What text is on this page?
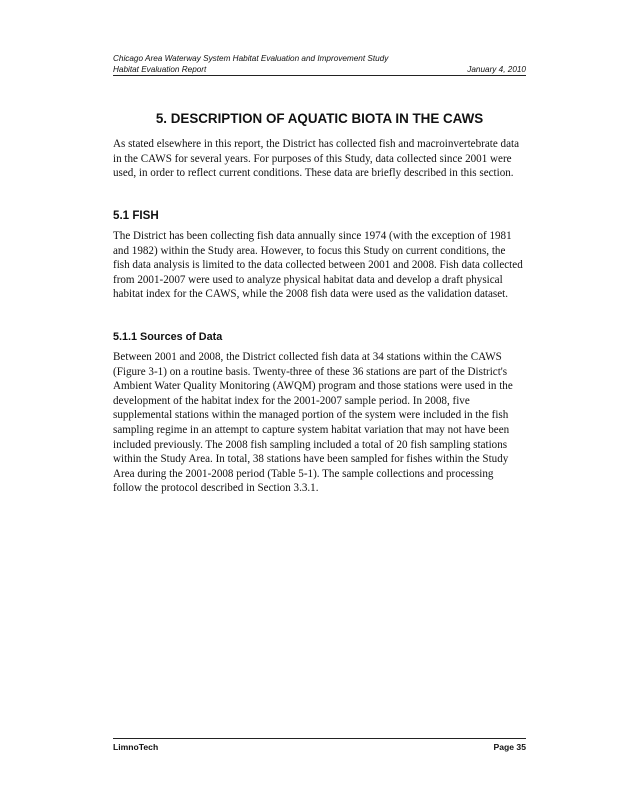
Chicago Area Waterway System Habitat Evaluation and Improvement Study
Habitat Evaluation Report	January 4, 2010
5. DESCRIPTION OF AQUATIC BIOTA IN THE CAWS

As stated elsewhere in this report, the District has collected fish and macroinvertebrate data in the CAWS for several years. For purposes of this Study, data collected since 2001 were used, in order to reflect current conditions. These data are briefly described in this section.

5.1 FISH

The District has been collecting fish data annually since 1974 (with the exception of 1981 and 1982) within the Study area. However, to focus this Study on current conditions, the fish data analysis is limited to the data collected between 2001 and 2008. Fish data collected from 2001-2007 were used to analyze physical habitat data and develop a draft physical habitat index for the CAWS, while the 2008 fish data were used as the validation dataset.

5.1.1 Sources of Data

Between 2001 and 2008, the District collected fish data at 34 stations within the CAWS (Figure 3-1) on a routine basis. Twenty-three of these 36 stations are part of the District's Ambient Water Quality Monitoring (AWQM) program and those stations were used in the development of the habitat index for the 2001-2007 sample period. In 2008, five supplemental stations within the managed portion of the system were included in the fish sampling regime in an attempt to capture system habitat variation that may not have been included previously. The 2008 fish sampling included a total of 20 fish sampling stations within the Study Area. In total, 38 stations have been sampled for fishes within the Study Area during the 2001-2008 period (Table 5-1). The sample collections and processing follow the protocol described in Section 3.3.1.

LimnoTech	Page 35
